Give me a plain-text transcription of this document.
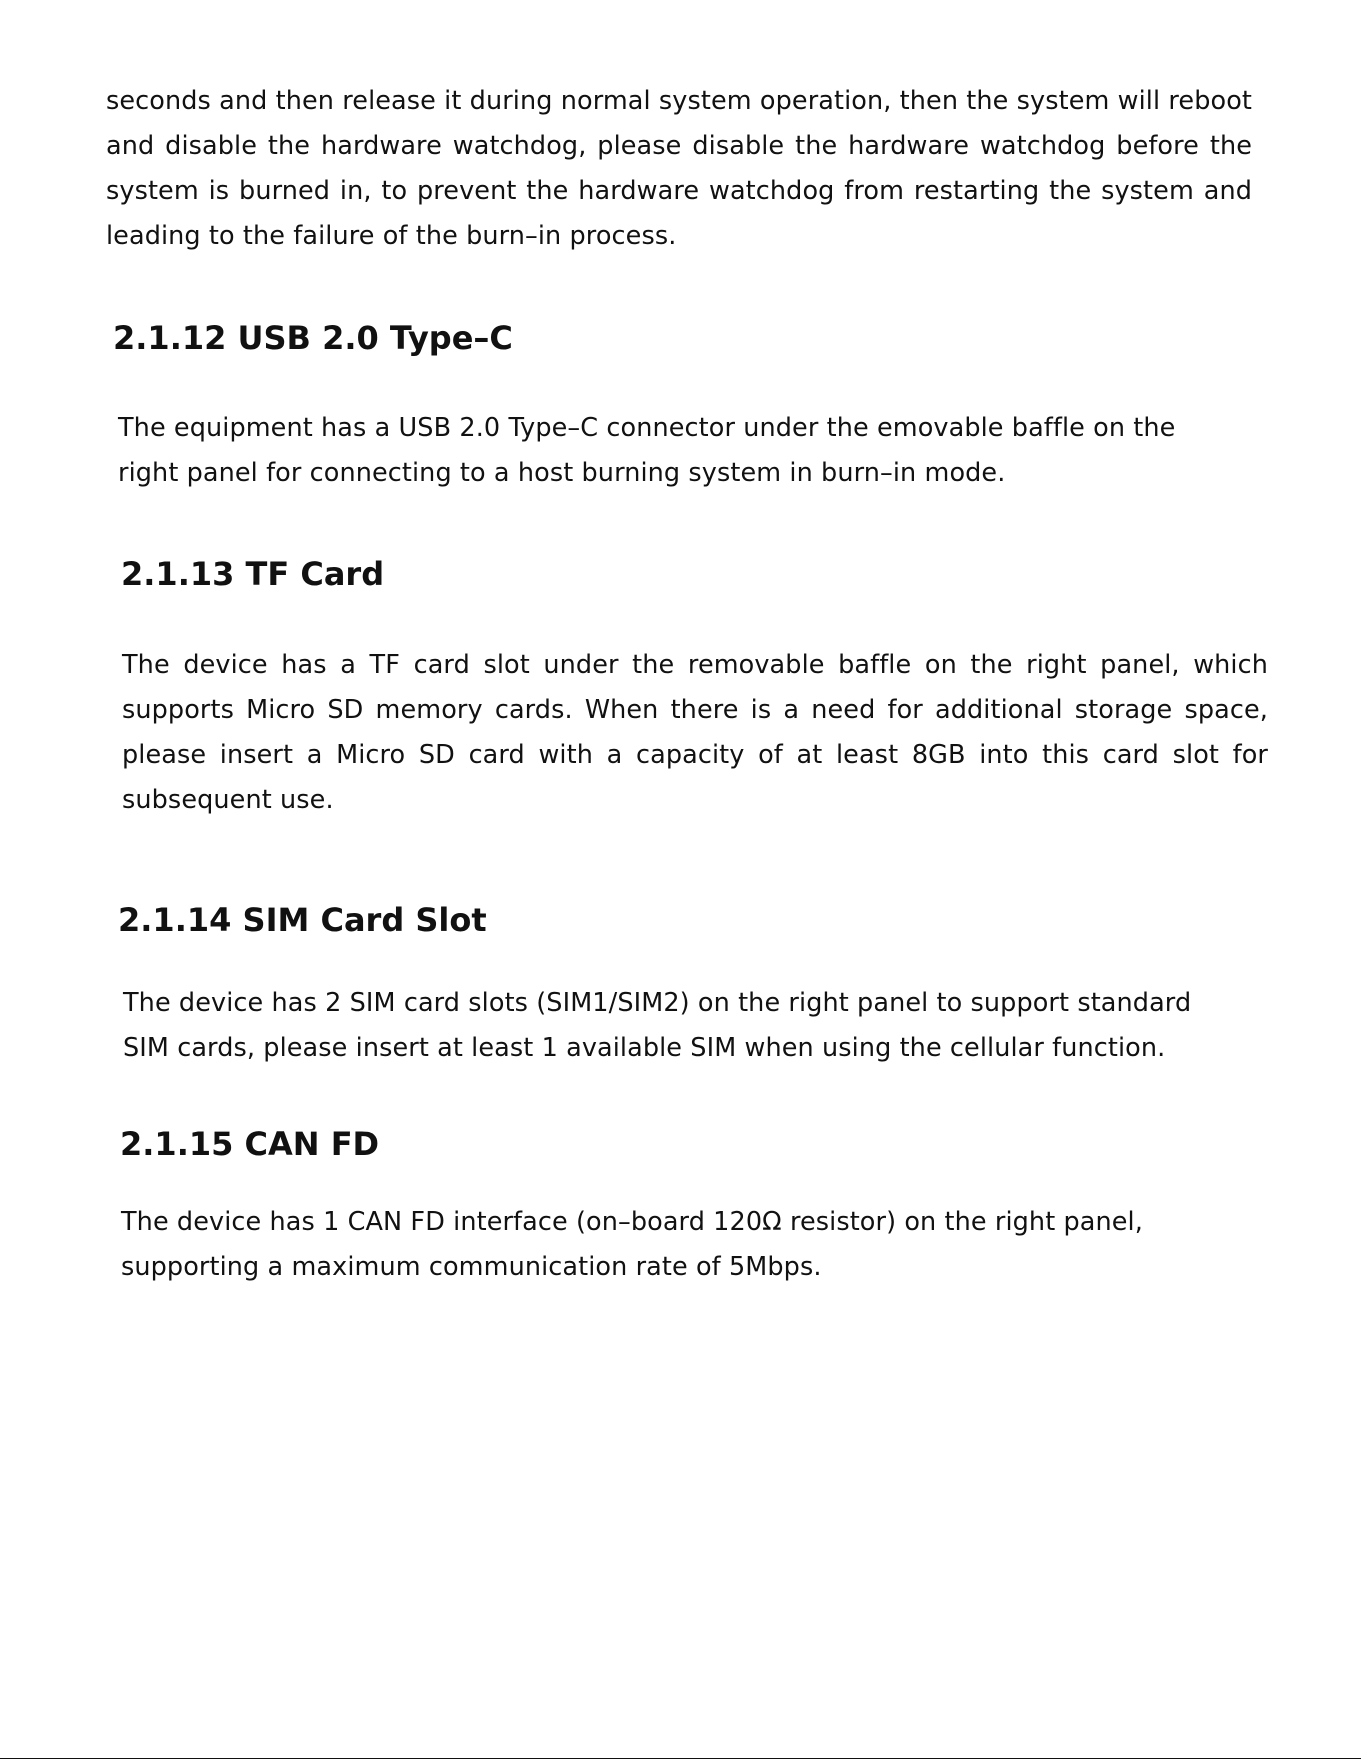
seconds and then release it during normal system operation, then the system will reboot and disable the hardware watchdog, please disable the hardware watchdog before the system is burned in, to prevent the hardware watchdog from restarting the system and leading to the failure of the burn–in process.

2.1.12 USB 2.0 Type–C

The equipment has a USB 2.0 Type–C connector under the emovable baffle on the right panel for connecting to a host burning system in burn–in mode.

2.1.13 TF Card

The device has a TF card slot under the removable baffle on the right panel, which supports Micro SD memory cards. When there is a need for additional storage space, please insert a Micro SD card with a capacity of at least 8GB into this card slot for subsequent use.

2.1.14 SIM Card Slot

The device has 2 SIM card slots (SIM1/SIM2) on the right panel to support standard SIM cards, please insert at least 1 available SIM when using the cellular function.

2.1.15 CAN FD

The device has 1 CAN FD interface (on–board 120Ω resistor) on the right panel, supporting a maximum communication rate of 5Mbps.
